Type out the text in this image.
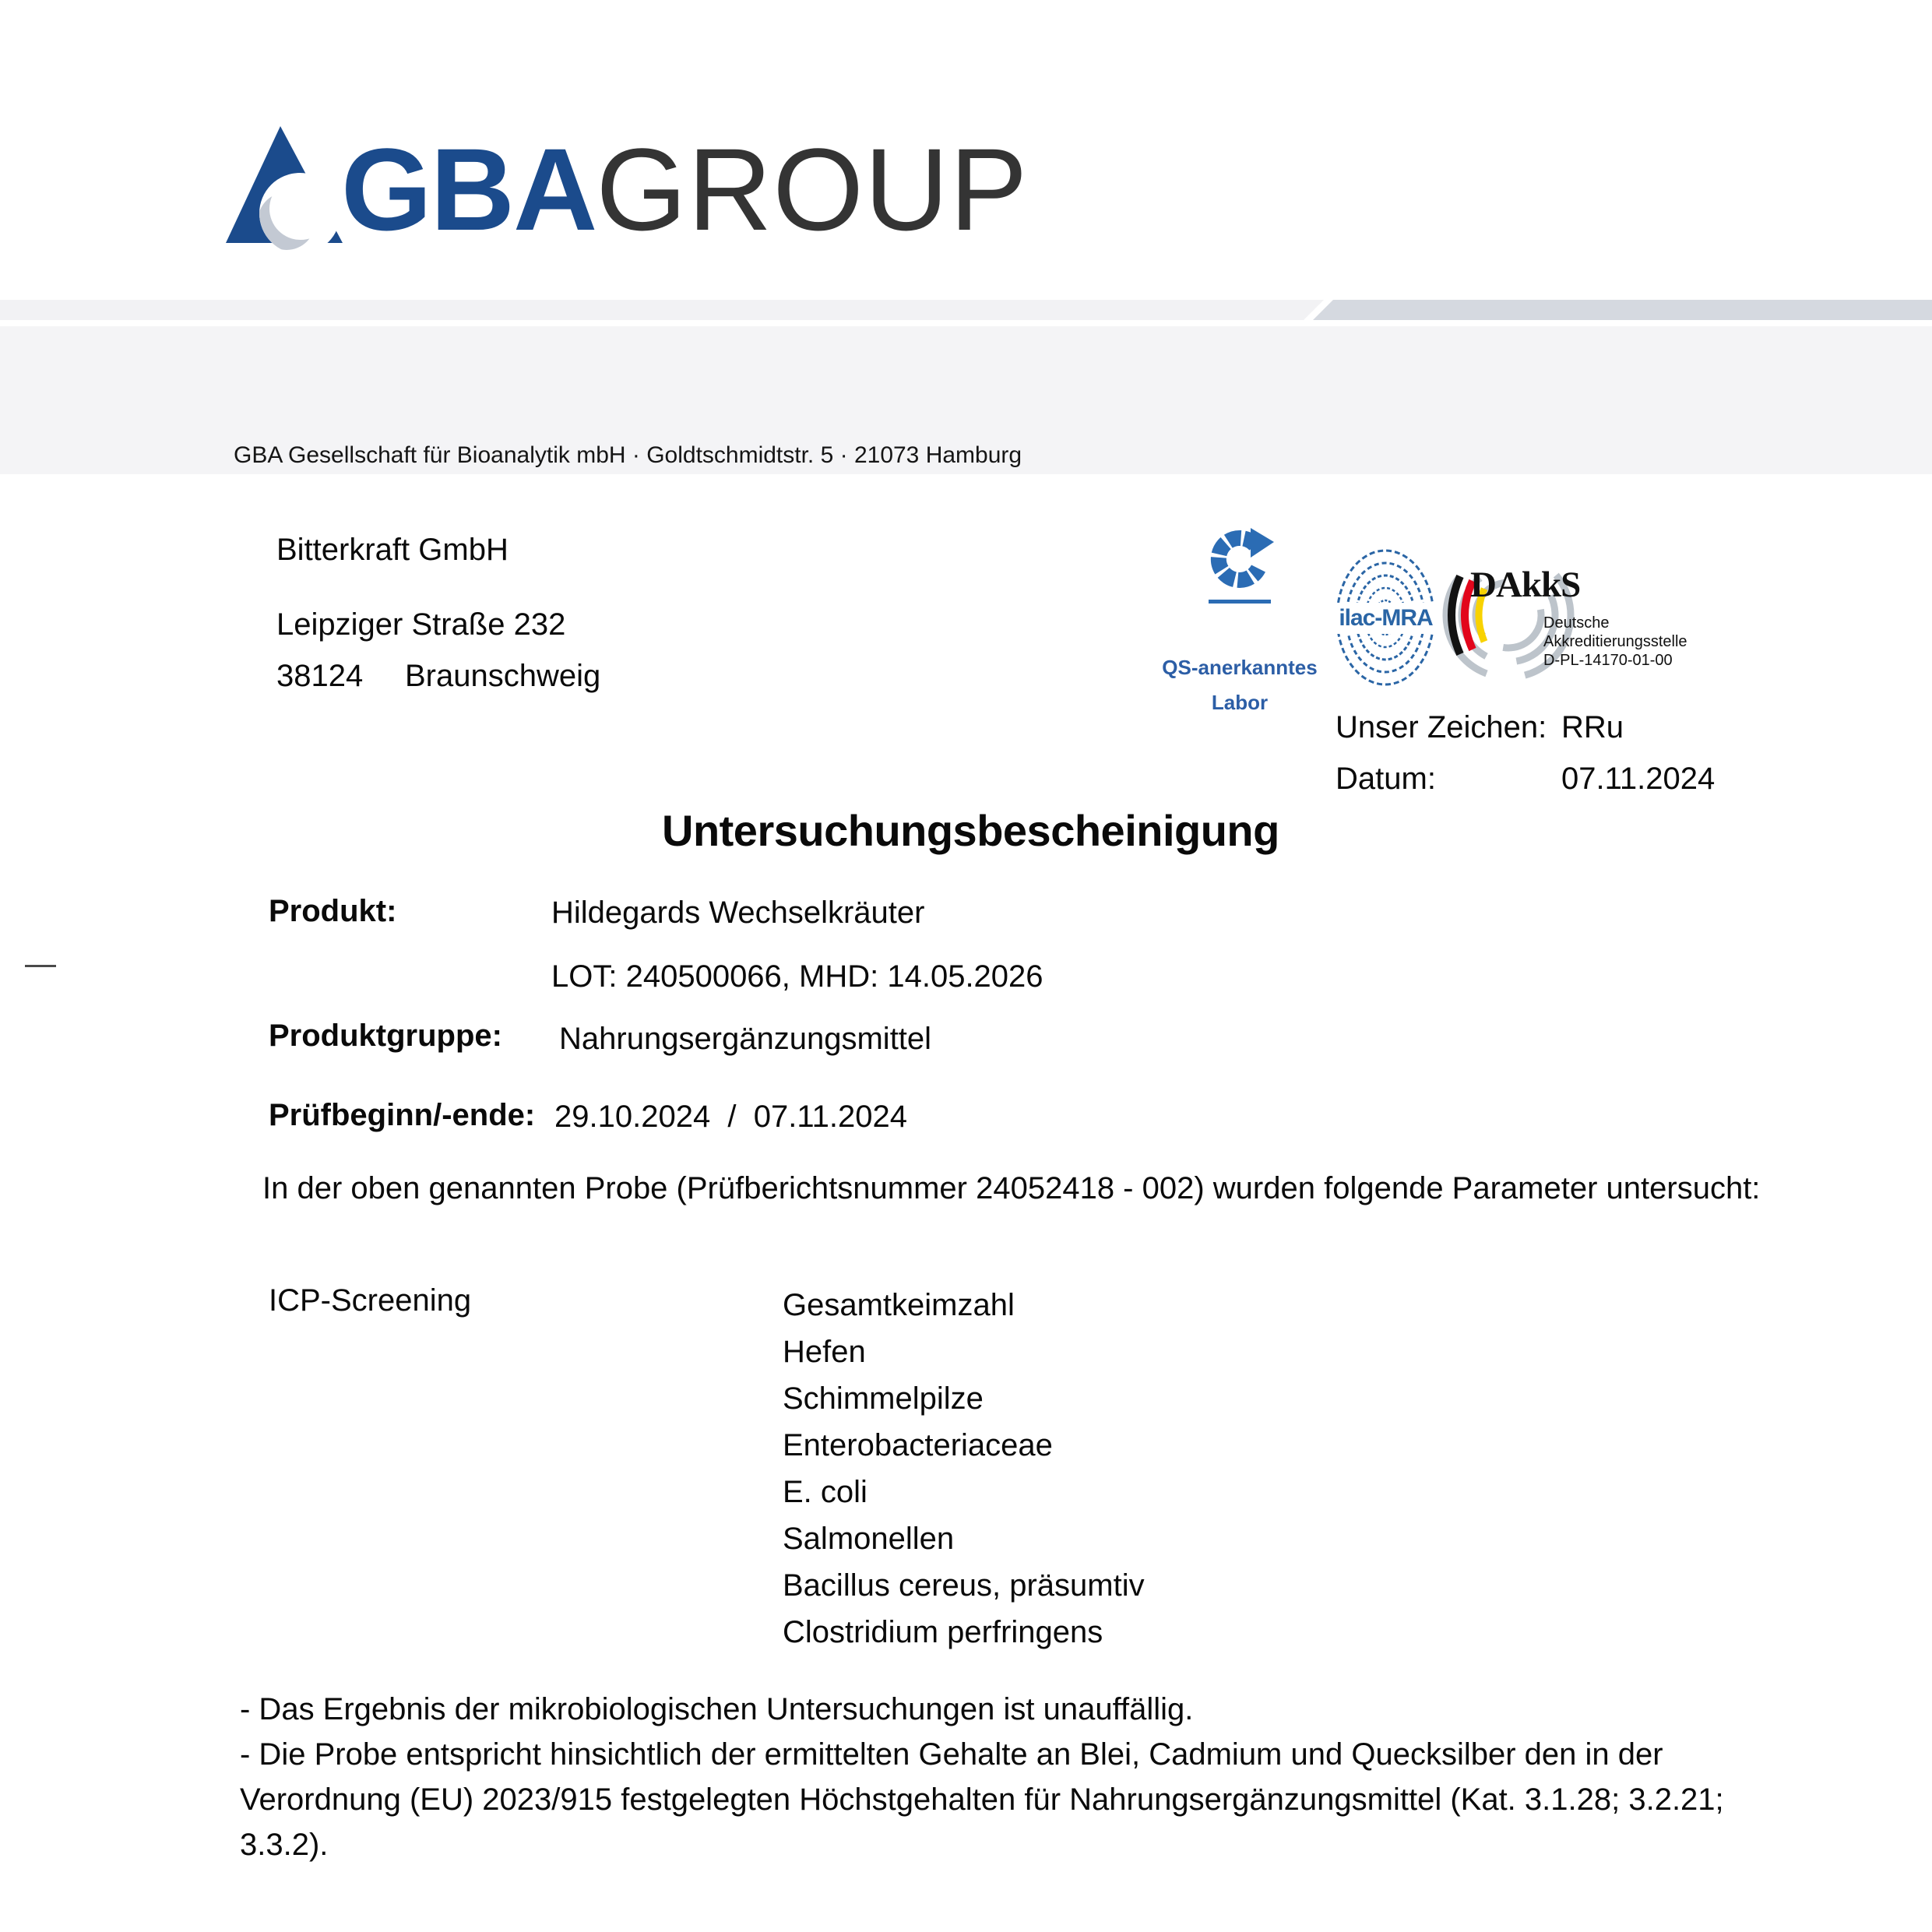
GBAGROUP
GBA Gesellschaft für Bioanalytik mbH · Goldtschmidtstr. 5 · 21073 Hamburg
Bitterkraft GmbH
Leipziger Straße 232
38124 Braunschweig	QS-anerkanntes
Labor
ilac-MRA
DAkkS
Deutsche
Akkreditierungsstelle
D-PL-14170-01-00
Unser Zeichen: RRu
Datum:	07.11.2024
Untersuchungsbescheinigung
Produkt:	Hildegards Wechselkräuter
LOT: 240500066, MHD: 14.05.2026
Produktgruppe: Nahrungsergänzungsmittel
Prüfbeginn/-ende: 29.10.2024  /  07.11.2024
In der oben genannten Probe (Prüfberichtsnummer 24052418 - 002) wurden folgende Parameter untersucht:
ICP-Screening	Gesamtkeimzahl
Hefen
Schimmelpilze
Enterobacteriaceae
E. coli
Salmonellen
Bacillus cereus, präsumtiv
Clostridium perfringens
- Das Ergebnis der mikrobiologischen Untersuchungen ist unauffällig.
- Die Probe entspricht hinsichtlich der ermittelten Gehalte an Blei, Cadmium und Quecksilber den in der
Verordnung (EU) 2023/915 festgelegten Höchstgehalten für Nahrungsergänzungsmittel (Kat. 3.1.28; 3.2.21;
3.3.2).
